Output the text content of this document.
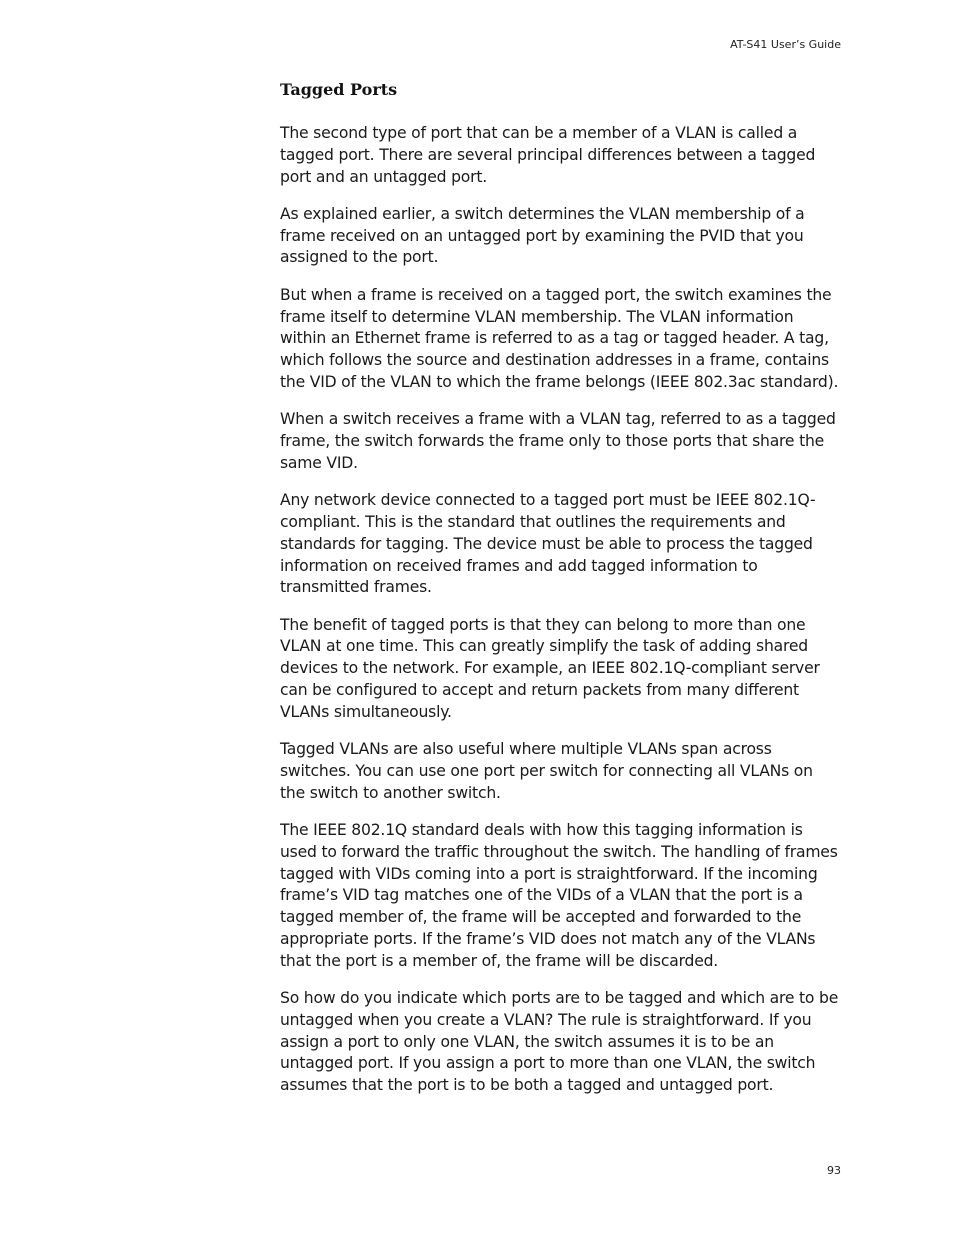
AT-S41 User’s Guide
Tagged Ports

The second type of port that can be a member of a VLAN is called a tagged port. There are several principal differences between a tagged port and an untagged port.

As explained earlier, a switch determines the VLAN membership of a frame received on an untagged port by examining the PVID that you assigned to the port.

But when a frame is received on a tagged port, the switch examines the frame itself to determine VLAN membership. The VLAN information within an Ethernet frame is referred to as a tag or tagged header. A tag, which follows the source and destination addresses in a frame, contains the VID of the VLAN to which the frame belongs (IEEE 802.3ac standard).

When a switch receives a frame with a VLAN tag, referred to as a tagged frame, the switch forwards the frame only to those ports that share the same VID.

Any network device connected to a tagged port must be IEEE 802.1Q-compliant. This is the standard that outlines the requirements and standards for tagging. The device must be able to process the tagged information on received frames and add tagged information to transmitted frames.

The benefit of tagged ports is that they can belong to more than one VLAN at one time. This can greatly simplify the task of adding shared devices to the network. For example, an IEEE 802.1Q-compliant server can be configured to accept and return packets from many different VLANs simultaneously.

Tagged VLANs are also useful where multiple VLANs span across switches. You can use one port per switch for connecting all VLANs on the switch to another switch.

The IEEE 802.1Q standard deals with how this tagging information is used to forward the traffic throughout the switch. The handling of frames tagged with VIDs coming into a port is straightforward. If the incoming frame’s VID tag matches one of the VIDs of a VLAN that the port is a tagged member of, the frame will be accepted and forwarded to the appropriate ports. If the frame’s VID does not match any of the VLANs that the port is a member of, the frame will be discarded.

So how do you indicate which ports are to be tagged and which are to be untagged when you create a VLAN? The rule is straightforward. If you assign a port to only one VLAN, the switch assumes it is to be an untagged port. If you assign a port to more than one VLAN, the switch assumes that the port is to be both a tagged and untagged port.

93
